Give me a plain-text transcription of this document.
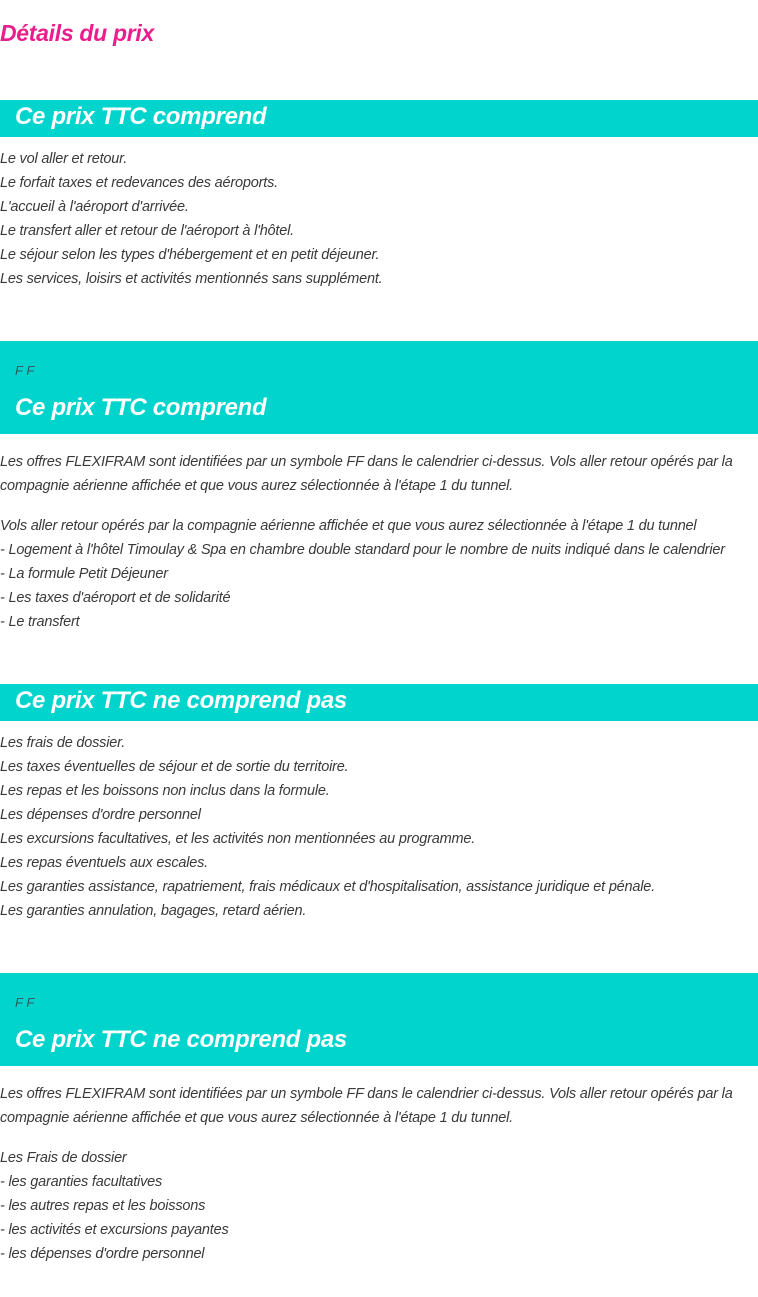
Détails du prix
Ce prix TTC comprend
Le vol aller et retour.
Le forfait taxes et redevances des aéroports.
L'accueil à l'aéroport d'arrivée.
Le transfert aller et retour de l'aéroport à l'hôtel.
Le séjour selon les types d'hébergement et en petit déjeuner.
Les services, loisirs et activités mentionnés sans supplément.
F F
Ce prix TTC comprend
Les offres FLEXIFRAM sont identifiées par un symbole FF dans le calendrier ci-dessus. Vols aller retour opérés par la compagnie aérienne affichée et que vous aurez sélectionnée à l'étape 1 du tunnel.
Vols aller retour opérés par la compagnie aérienne affichée et que vous aurez sélectionnée à l'étape 1 du tunnel
- Logement à l'hôtel Timoulay & Spa en chambre double standard pour le nombre de nuits indiqué dans le calendrier
- La formule Petit Déjeuner
- Les taxes d'aéroport et de solidarité
- Le transfert
Ce prix TTC ne comprend pas
Les frais de dossier.
Les taxes éventuelles de séjour et de sortie du territoire.
Les repas et les boissons non inclus dans la formule.
Les dépenses d'ordre personnel
Les excursions facultatives, et les activités non mentionnées au programme.
Les repas éventuels aux escales.
Les garanties assistance, rapatriement, frais médicaux et d'hospitalisation, assistance juridique et pénale.
Les garanties annulation, bagages, retard aérien.
F F
Ce prix TTC ne comprend pas
Les offres FLEXIFRAM sont identifiées par un symbole FF dans le calendrier ci-dessus. Vols aller retour opérés par la compagnie aérienne affichée et que vous aurez sélectionnée à l'étape 1 du tunnel.
Les Frais de dossier
- les garanties facultatives
- les autres repas et les boissons
- les activités et excursions payantes
- les dépenses d'ordre personnel
